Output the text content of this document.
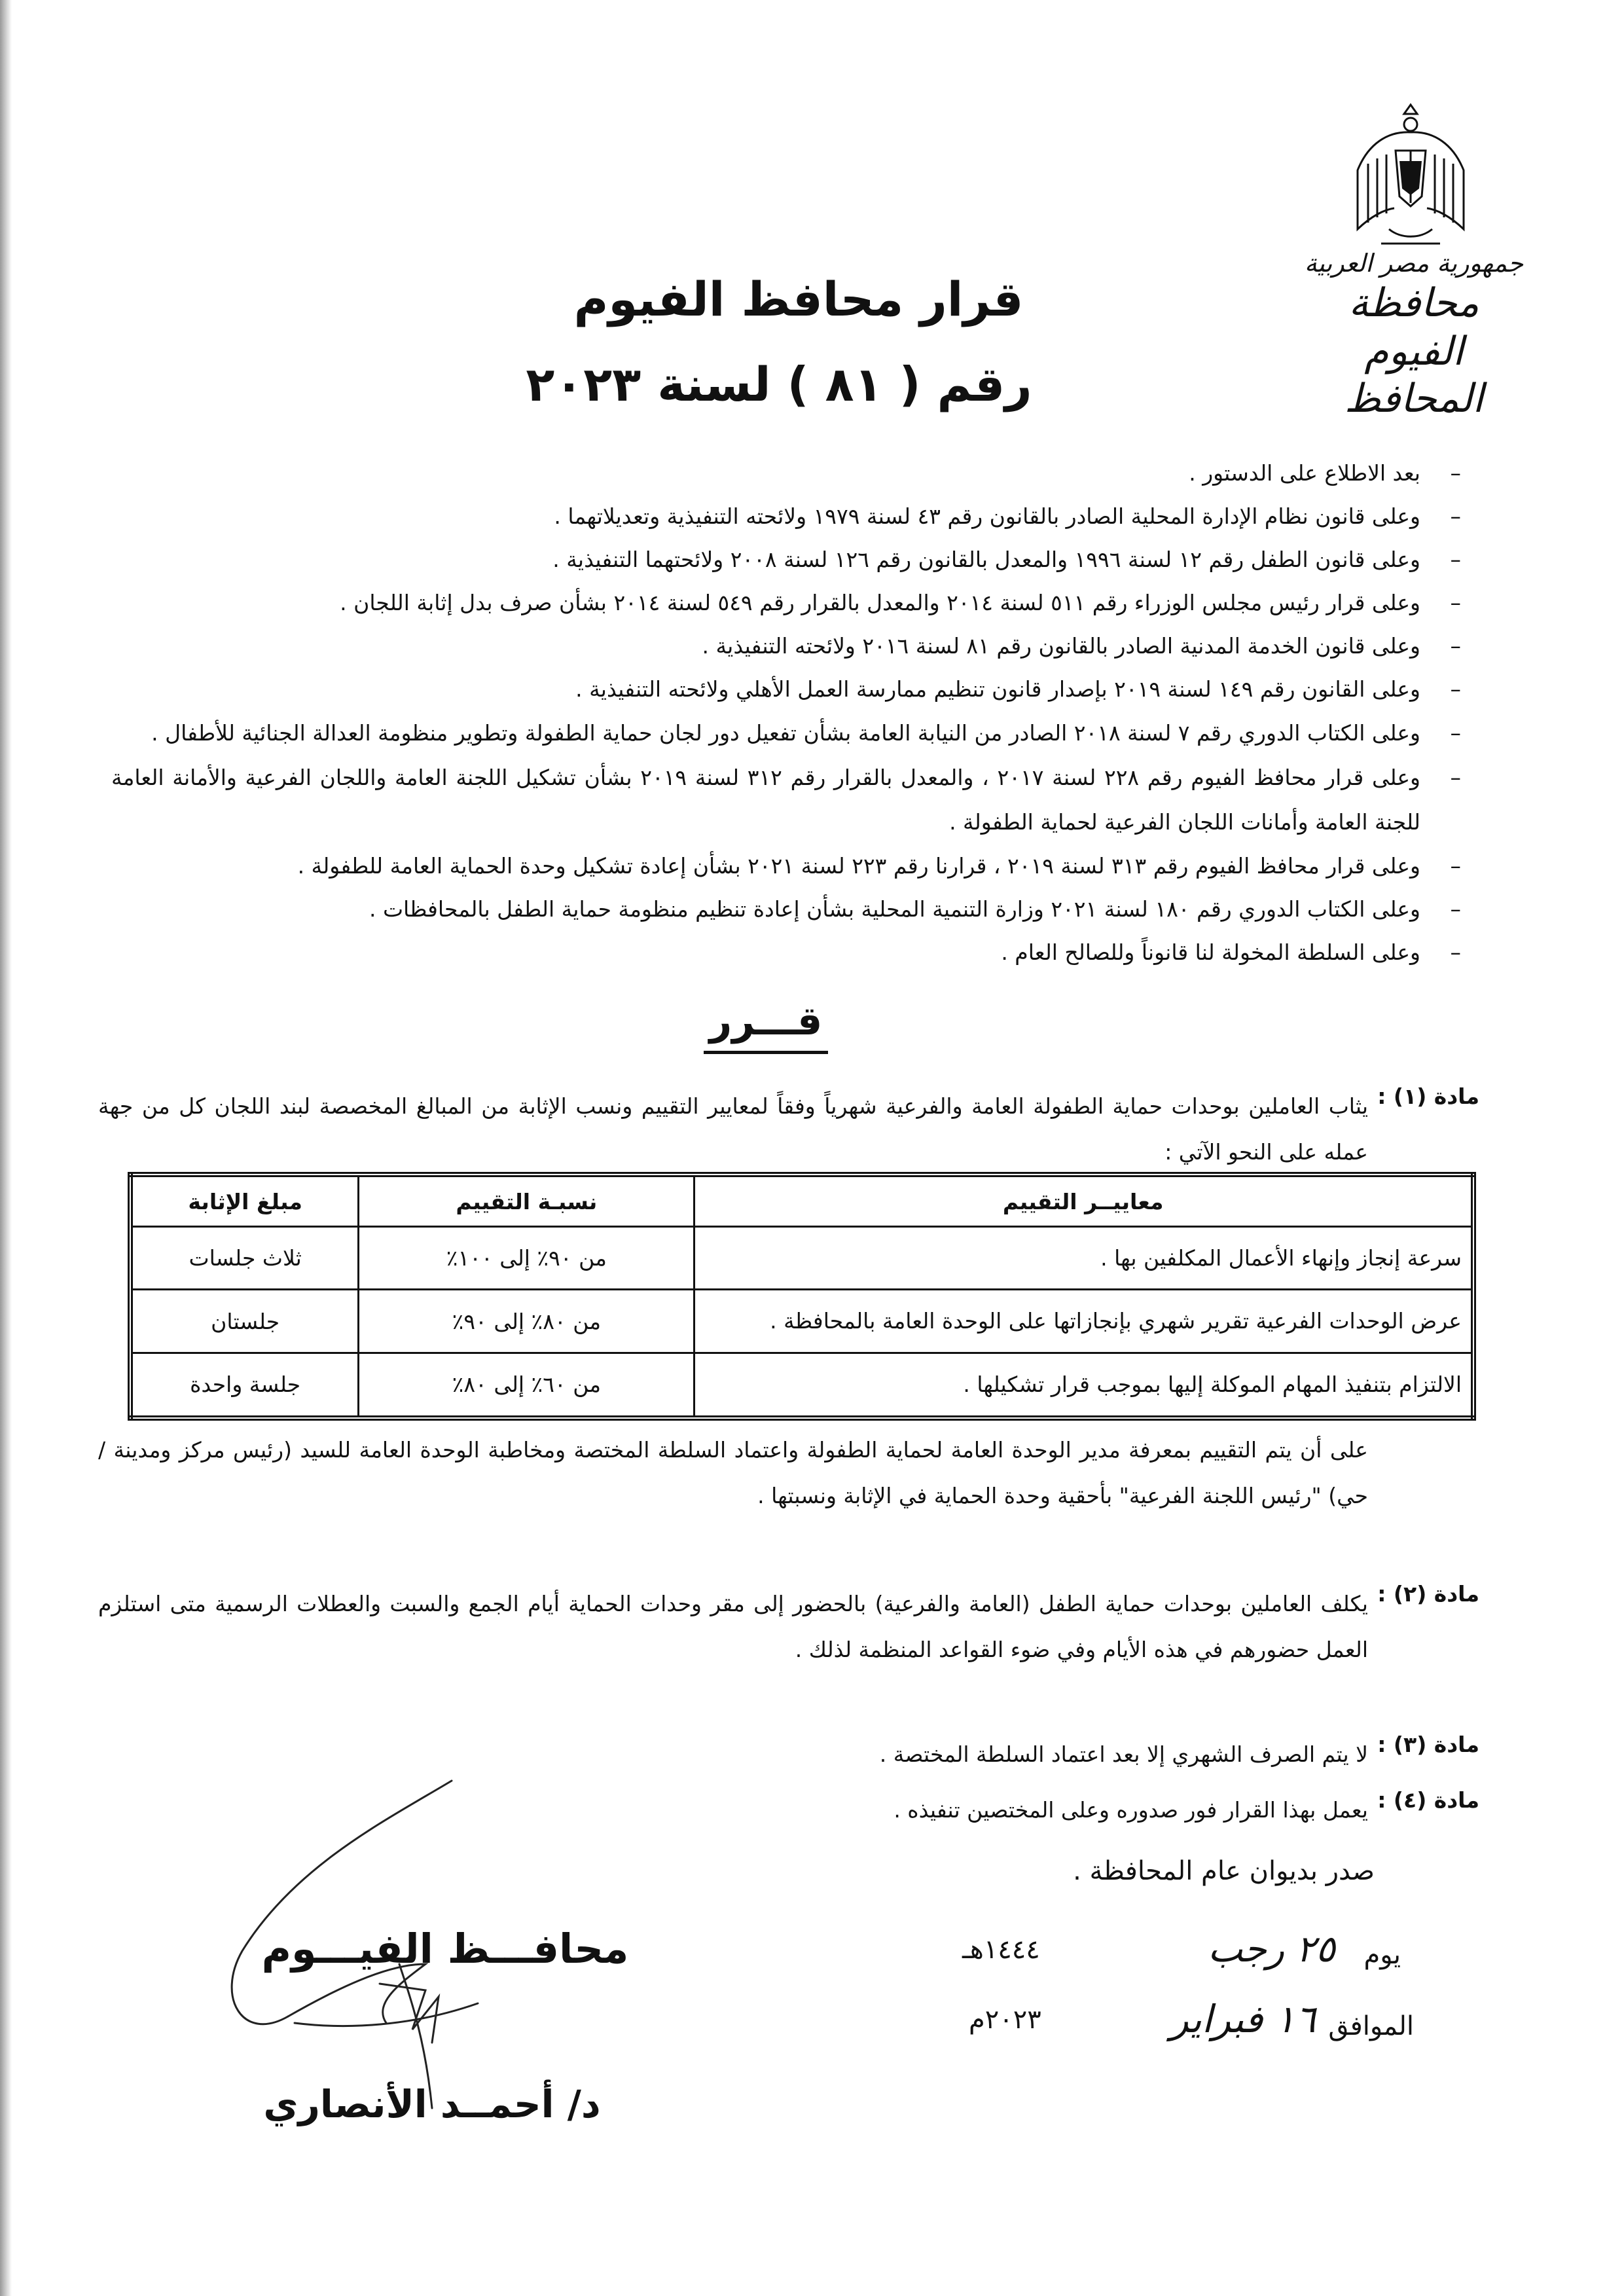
جمهورية مصر العربية
محافظة الفيوم
المحافظ
قرار محافظ الفيوم
رقم ( ٨١ ) لسنة ٢٠٢٣
–
بعد الاطلاع على الدستور .
–
وعلى قانون نظام الإدارة المحلية الصادر بالقانون رقم ٤٣ لسنة ١٩٧٩ ولائحته التنفيذية وتعديلاتهما .
–
وعلى قانون الطفل رقم ١٢ لسنة ١٩٩٦ والمعدل بالقانون رقم ١٢٦ لسنة ٢٠٠٨ ولائحتهما التنفيذية .
–
وعلى قرار رئيس مجلس الوزراء رقم ٥١١ لسنة ٢٠١٤ والمعدل بالقرار رقم ٥٤٩ لسنة ٢٠١٤ بشأن صرف بدل إثابة اللجان .
–
وعلى قانون الخدمة المدنية الصادر بالقانون رقم ٨١ لسنة ٢٠١٦ ولائحته التنفيذية .
–
وعلى القانون رقم ١٤٩ لسنة ٢٠١٩ بإصدار قانون تنظيم ممارسة العمل الأهلي ولائحته التنفيذية .
–
وعلى الكتاب الدوري رقم ٧ لسنة ٢٠١٨ الصادر من النيابة العامة بشأن تفعيل دور لجان حماية الطفولة وتطوير منظومة العدالة الجنائية للأطفال .
–
وعلى قرار محافظ الفيوم رقم ٢٢٨ لسنة ٢٠١٧ ، والمعدل بالقرار رقم ٣١٢ لسنة ٢٠١٩ بشأن تشكيل اللجنة العامة واللجان الفرعية والأمانة العامة للجنة العامة وأمانات اللجان الفرعية لحماية الطفولة .
–
وعلى قرار محافظ الفيوم رقم ٣١٣ لسنة ٢٠١٩ ، قرارنا رقم ٢٢٣ لسنة ٢٠٢١ بشأن إعادة تشكيل وحدة الحماية العامة للطفولة .
–
وعلى الكتاب الدوري رقم ١٨٠ لسنة ٢٠٢١ وزارة التنمية المحلية بشأن إعادة تنظيم منظومة حماية الطفل بالمحافظات .
–
وعلى السلطة المخولة لنا قانوناً وللصالح العام .
قـــرر
مادة (١) :
يثاب العاملين بوحدات حماية الطفولة العامة والفرعية شهرياً وفقاً لمعايير التقييم ونسب الإثابة من المبالغ المخصصة لبند اللجان كل من جهة عمله على النحو الآتي :
معاييــر التقييم	نسبـة التقييم	مبلغ الإثابة
سرعة إنجاز وإنهاء الأعمال المكلفين بها .	من ٩٠٪ إلى ١٠٠٪	ثلاث جلسات
عرض الوحدات الفرعية تقرير شهري بإنجازاتها على الوحدة العامة بالمحافظة .	من ٨٠٪ إلى ٩٠٪	جلستان
الالتزام بتنفيذ المهام الموكلة إليها بموجب قرار تشكيلها .	من ٦٠٪ إلى ٨٠٪	جلسة واحدة
على أن يتم التقييم بمعرفة مدير الوحدة العامة لحماية الطفولة واعتماد السلطة المختصة ومخاطبة الوحدة العامة للسيد (رئيس مركز ومدينة / حي) "رئيس اللجنة الفرعية" بأحقية وحدة الحماية في الإثابة ونسبتها .
مادة (٢) :
يكلف العاملين بوحدات حماية الطفل (العامة والفرعية) بالحضور إلى مقر وحدات الحماية أيام الجمع والسبت والعطلات الرسمية متى استلزم العمل حضورهم في هذه الأيام وفي ضوء القواعد المنظمة لذلك .
مادة (٣) :
لا يتم الصرف الشهري إلا بعد اعتماد السلطة المختصة .
مادة (٤) :
يعمل بهذا القرار فور صدوره وعلى المختصين تنفيذه .
صدر بديوان عام المحافظة .
يوم
٢٥ رجب
١٤٤٤هـ
الموافق
١٦ فبراير
٢٠٢٣م
محافـــظ الفيـــوم
د/ أحمــد الأنصاري
